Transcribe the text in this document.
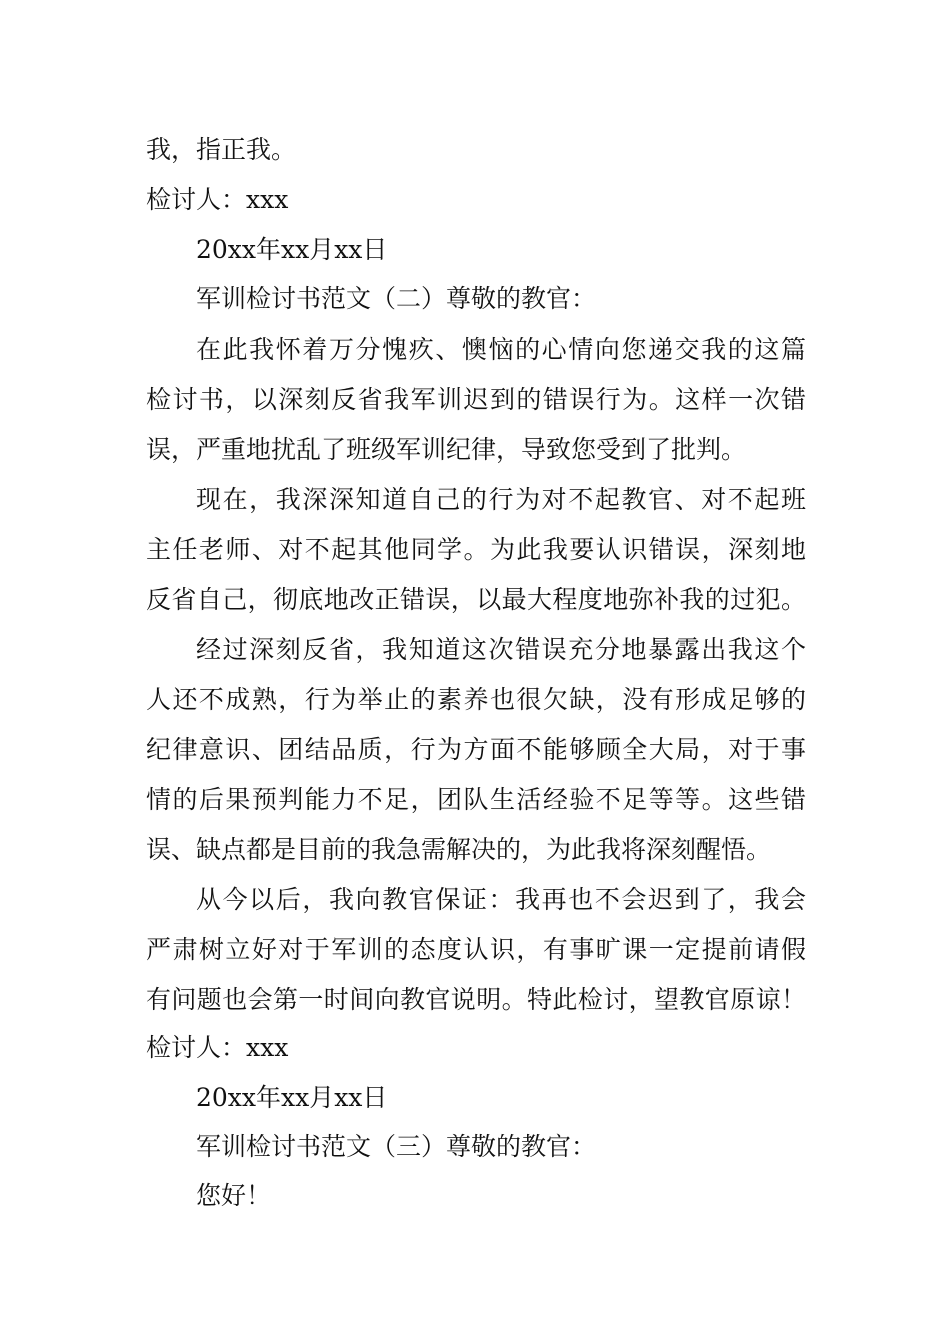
我，指正我。
检讨人：xxx
20xx年xx月xx日
军训检讨书范文（二）尊敬的教官：
在此我怀着万分愧疚、懊恼的心情向您递交我的这篇
检讨书，以深刻反省我军训迟到的错误行为。这样一次错
误，严重地扰乱了班级军训纪律，导致您受到了批判。
现在，我深深知道自己的行为对不起教官、对不起班
主任老师、对不起其他同学。为此我要认识错误，深刻地
反省自己，彻底地改正错误，以最大程度地弥补我的过犯。
经过深刻反省，我知道这次错误充分地暴露出我这个
人还不成熟，行为举止的素养也很欠缺，没有形成足够的
纪律意识、团结品质，行为方面不能够顾全大局，对于事
情的后果预判能力不足，团队生活经验不足等等。这些错
误、缺点都是目前的我急需解决的，为此我将深刻醒悟。
从今以后，我向教官保证：我再也不会迟到了，我会
严肃树立好对于军训的态度认识，有事旷课一定提前请假
有问题也会第一时间向教官说明。特此检讨，望教官原谅！
检讨人：xxx
20xx年xx月xx日
军训检讨书范文（三）尊敬的教官：
您好！
